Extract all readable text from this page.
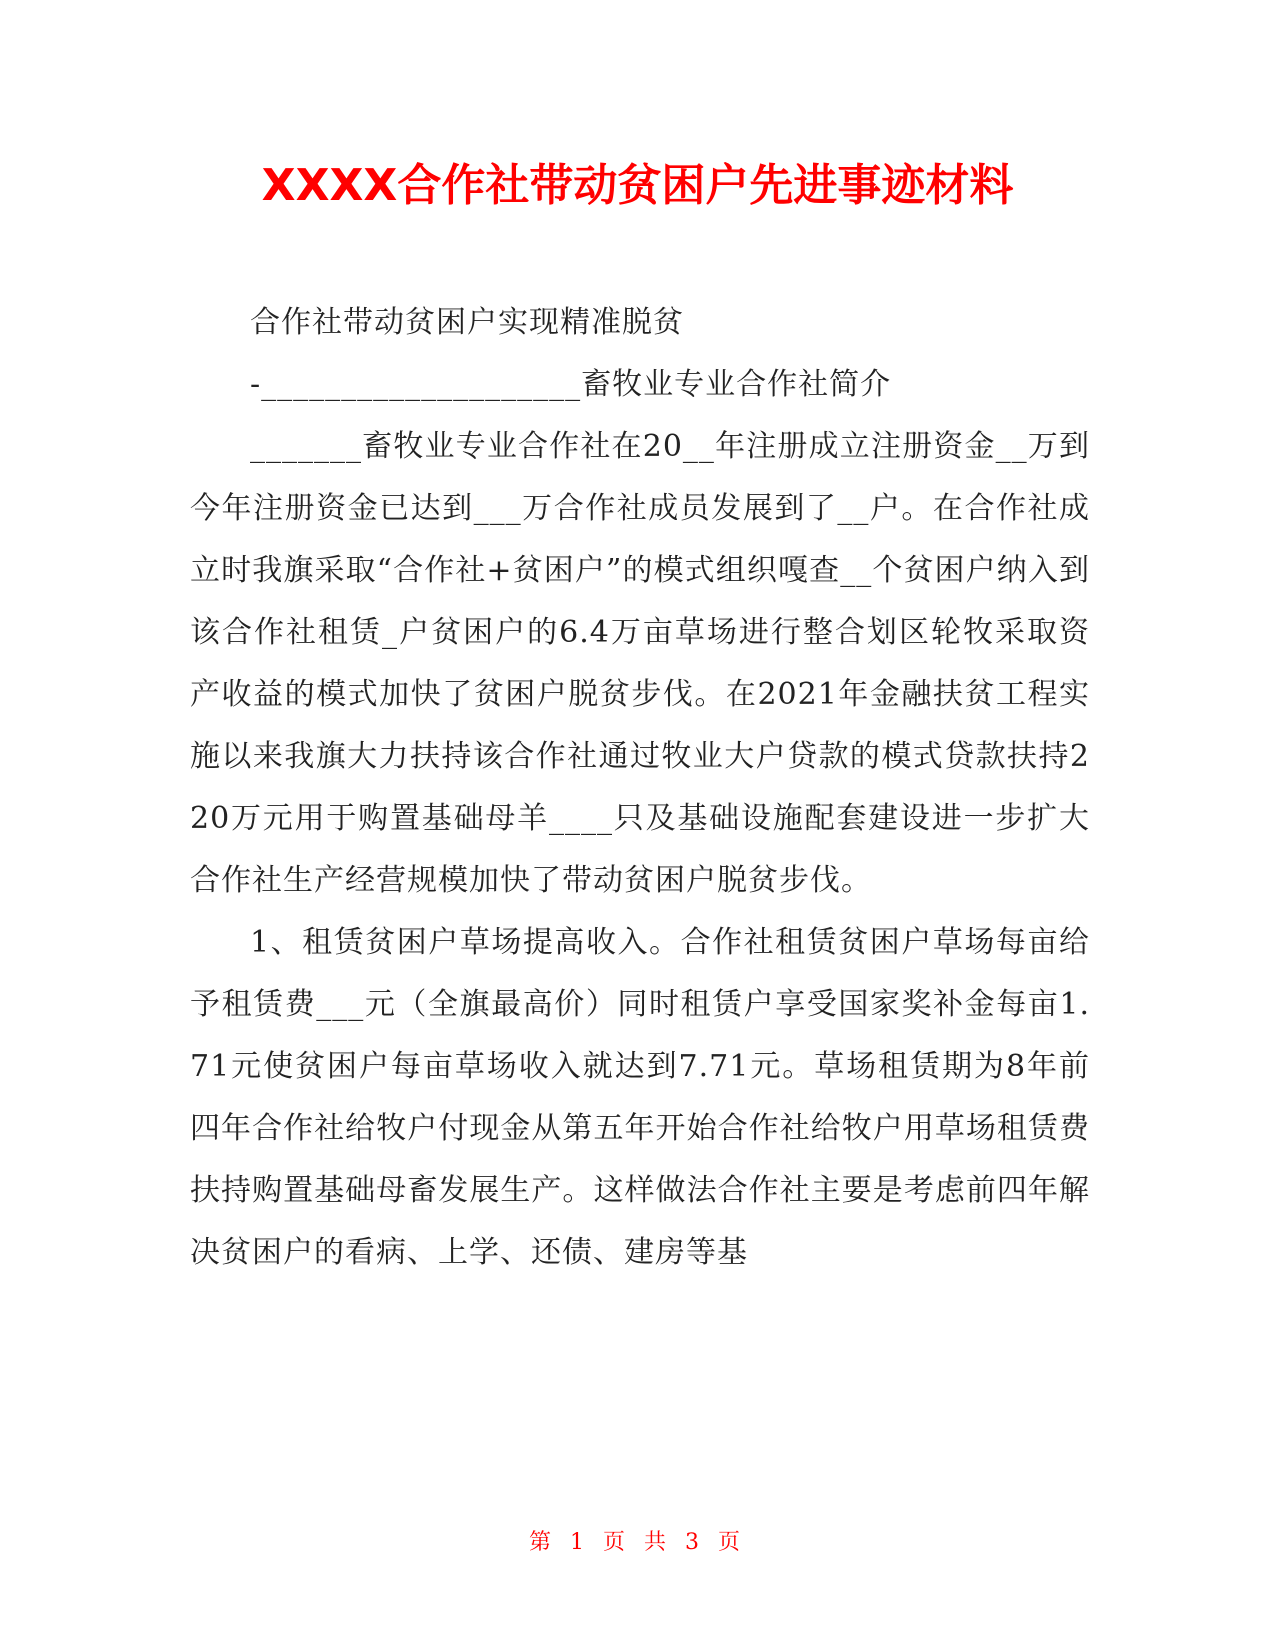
XXXX合作社带动贫困户先进事迹材料

合作社带动贫困户实现精准脱贫

-____________________畜牧业专业合作社简介

_______畜牧业专业合作社在20__年注册成立注册资金__万到今年注册资金已达到___万合作社成员发展到了__户。在合作社成立时我旗采取“合作社+贫困户”的模式组织嘎查__个贫困户纳入到该合作社租赁_户贫困户的6.4万亩草场进行整合划区轮牧采取资产收益的模式加快了贫困户脱贫步伐。在2021年金融扶贫工程实施以来我旗大力扶持该合作社通过牧业大户贷款的模式贷款扶持220万元用于购置基础母羊____只及基础设施配套建设进一步扩大合作社生产经营规模加快了带动贫困户脱贫步伐。

1、租赁贫困户草场提高收入。合作社租赁贫困户草场每亩给予租赁费___元（全旗最高价）同时租赁户享受国家奖补金每亩1.71元使贫困户每亩草场收入就达到7.71元。草场租赁期为8年前四年合作社给牧户付现金从第五年开始合作社给牧户用草场租赁费扶持购置基础母畜发展生产。这样做法合作社主要是考虑前四年解决贫困户的看病、上学、还债、建房等基

第 1 页 共 3 页
